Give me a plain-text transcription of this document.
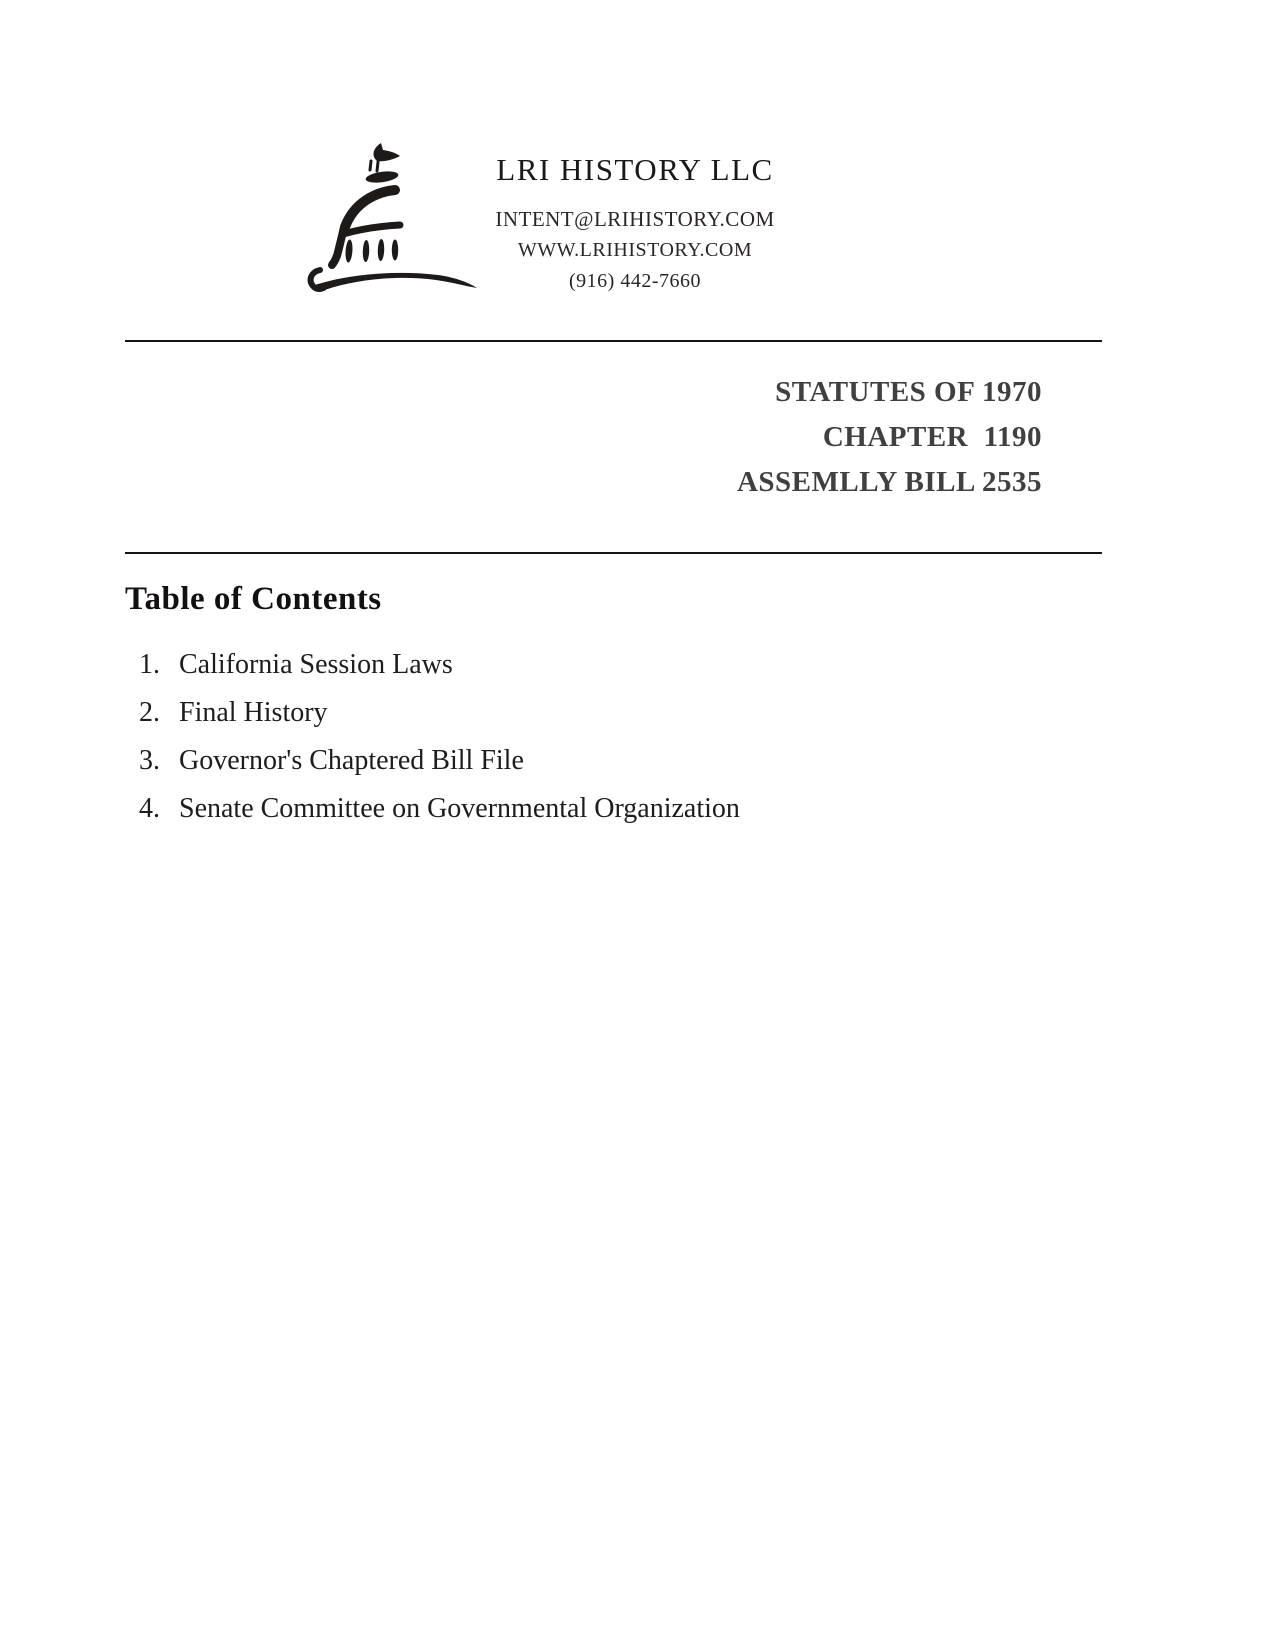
LRI HISTORY LLC
INTENT@LRIHISTORY.COM
WWW.LRIHISTORY.COM
(916) 442-7660
STATUTES OF 1970
CHAPTER  1190
ASSEMLLY BILL 2535
Table of Contents
1. California Session Laws
2. Final History
3. Governor's Chaptered Bill File
4. Senate Committee on Governmental Organization
